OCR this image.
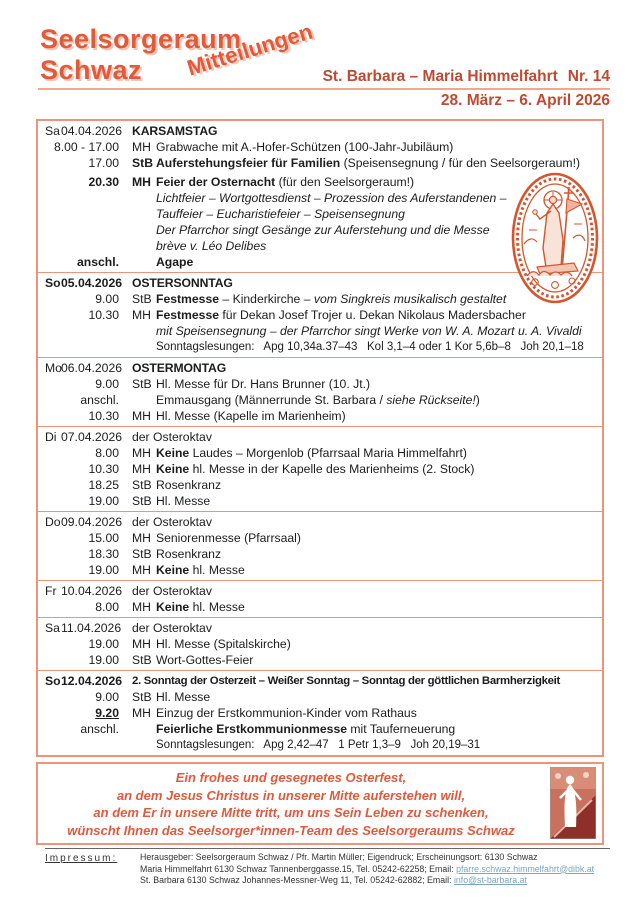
Seelsorgeraum
Schwaz	Mitteilungen St. Barbara – Maria Himmelfahrt Nr. 14
28. März – 6. April 2026
Sa 04.04.2026 KARSAMSTAG
8.00 - 17.00	MH Grabwache mit A.-Hofer-Schützen (100-Jahr-Jubiläum)
17.00	StB Auferstehungsfeier für Familien (Speisensegnung / für den Seelsorgeraum!)
20.30	MH Feier der Osternacht (für den Seelsorgeraum!)
Lichtfeier – Wortgottesdienst – Prozession des Auferstandenen –
Tauffeier – Eucharistiefeier – Speisensegnung
Der Pfarrchor singt Gesänge zur Auferstehung und die Messe
brève v. Léo Delibes
anschl.	Agape
So 05.04.2026 OSTERSONNTAG
9.00	StB Festmesse – Kinderkirche – vom Singkreis musikalisch gestaltet
10.30	MH Festmesse für Dekan Josef Trojer u. Dekan Nikolaus Madersbacher
mit Speisensegnung – der Pfarrchor singt Werke von W. A. Mozart u. A. Vivaldi
Sonntagslesungen:   Apg 10,34a.37–43   Kol 3,1–4 oder 1 Kor 5,6b–8   Joh 20,1–18
Mo 06.04.2026 OSTERMONTAG
9.00	StB Hl. Messe für Dr. Hans Brunner (10. Jt.)
anschl.	Emmausgang (Männerrunde St. Barbara / siehe Rückseite!)
10.30	MH Hl. Messe (Kapelle im Marienheim)
Di 07.04.2026 der Osteroktav
8.00	MH Keine Laudes – Morgenlob (Pfarrsaal Maria Himmelfahrt)
10.30	MH Keine hl. Messe in der Kapelle des Marienheims (2. Stock)
18.25	StB Rosenkranz
19.00	StB Hl. Messe
Do 09.04.2026 der Osteroktav
15.00	MH Seniorenmesse (Pfarrsaal)
18.30	StB Rosenkranz
19.00	MH Keine hl. Messe
Fr 10.04.2026 der Osteroktav
8.00	MH Keine hl. Messe
Sa 11.04.2026 der Osteroktav
19.00	MH Hl. Messe (Spitalskirche)
19.00	StB Wort-Gottes-Feier
So 12.04.2026 2. Sonntag der Osterzeit – Weißer Sonntag – Sonntag der göttlichen Barmherzigkeit
9.00	StB Hl. Messe
9.20	MH Einzug der Erstkommunion-Kinder vom Rathaus
anschl.	Feierliche Erstkommunionmesse mit Tauferneuerung
Sonntagslesungen:   Apg 2,42–47   1 Petr 1,3–9   Joh 20,19–31
Ein frohes und gesegnetes Osterfest,
an dem Jesus Christus in unserer Mitte auferstehen will,
an dem Er in unsere Mitte tritt, um uns Sein Leben zu schenken,
wünscht Ihnen das Seelsorger*innen-Team des Seelsorgeraums Schwaz
Impressum:	Herausgeber: Seelsorgeraum Schwaz / Pfr. Martin Müller; Eigendruck; Erscheinungsort: 6130 Schwaz
Maria Himmelfahrt 6130 Schwaz Tannenberggasse.15, Tel. 05242-62258; Email: pfarre.schwaz.himmelfahrt@dibk.at
St. Barbara 6130 Schwaz Johannes-Messner-Weg 11, Tel. 05242-62882; Email: info@st-barbara.at
